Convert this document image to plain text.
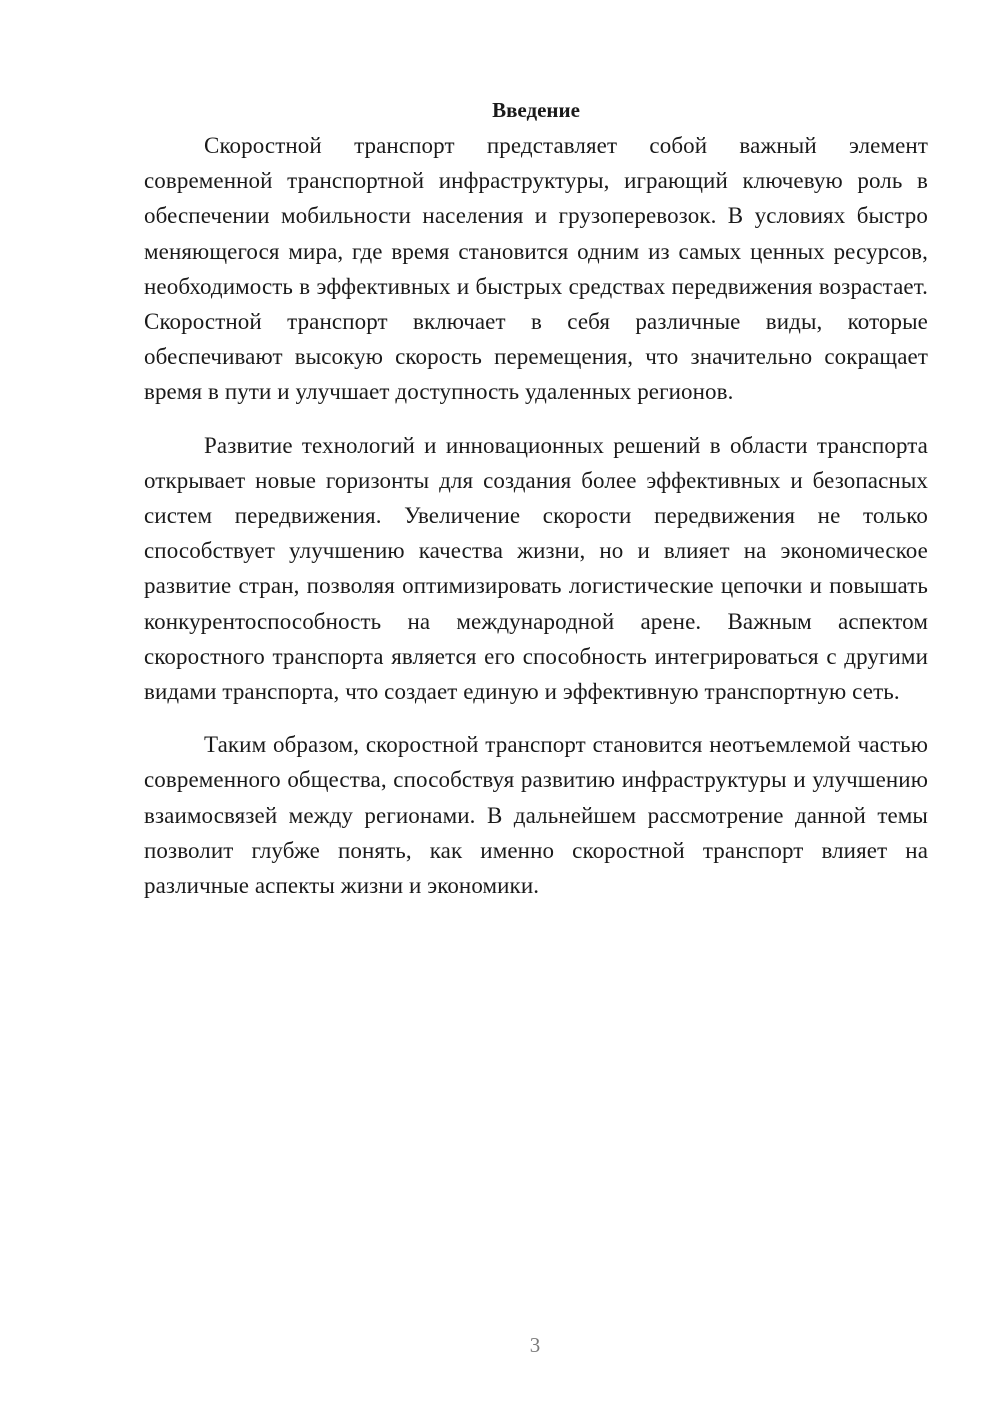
Введение

Скоростной транспорт представляет собой важный элемент современной транспортной инфраструктуры, играющий ключевую роль в обеспечении мобильности населения и грузоперевозок. В условиях быстро меняющегося мира, где время становится одним из самых ценных ресурсов, необходимость в эффективных и быстрых средствах передвижения возрастает. Скоростной транспорт включает в себя различные виды, которые обеспечивают высокую скорость перемещения, что значительно сокращает время в пути и улучшает доступность удаленных регионов.

Развитие технологий и инновационных решений в области транспорта открывает новые горизонты для создания более эффективных и безопасных систем передвижения. Увеличение скорости передвижения не только способствует улучшению качества жизни, но и влияет на экономическое развитие стран, позволяя оптимизировать логистические цепочки и повышать конкурентоспособность на международной арене. Важным аспектом скоростного транспорта является его способность интегрироваться с другими видами транспорта, что создает единую и эффективную транспортную сеть.

Таким образом, скоростной транспорт становится неотъемлемой частью современного общества, способствуя развитию инфраструктуры и улучшению взаимосвязей между регионами. В дальнейшем рассмотрение данной темы позволит глубже понять, как именно скоростной транспорт влияет на различные аспекты жизни и экономики.

3
